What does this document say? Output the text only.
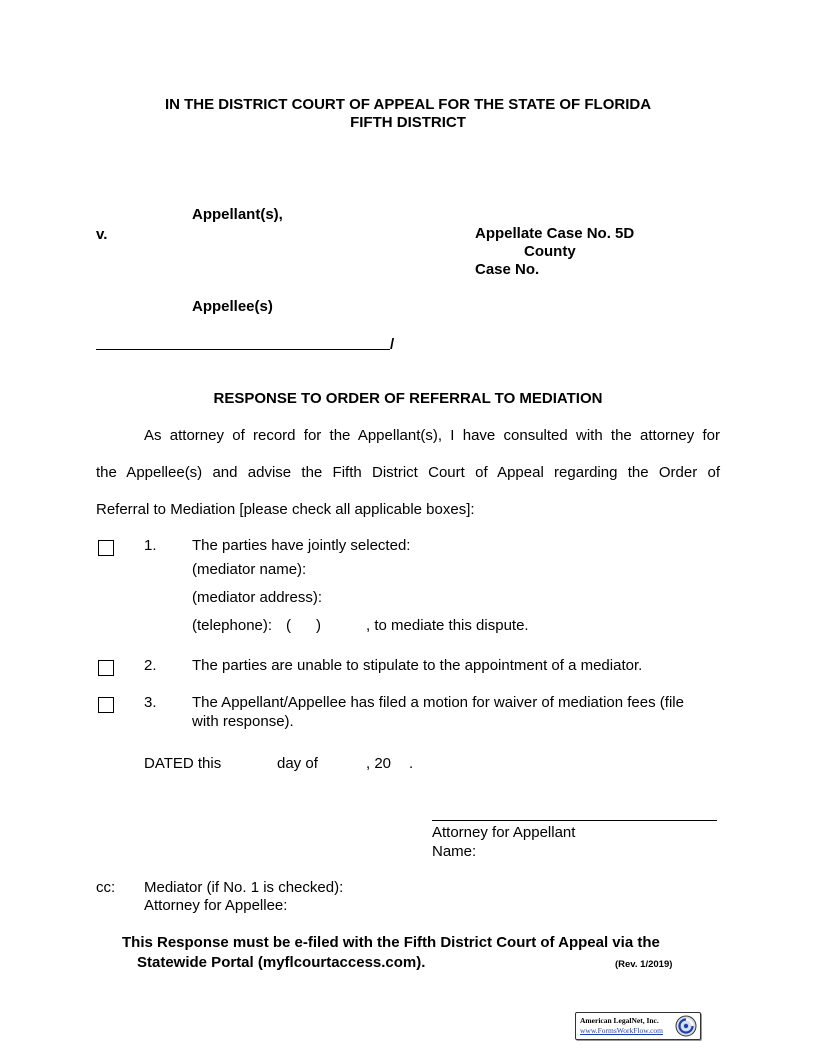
IN THE DISTRICT COURT OF APPEAL FOR THE STATE OF FLORIDA
FIFTH DISTRICT
Appellant(s),
v.	Appellate Case No. 5D
County
Case No.
Appellee(s)
/
RESPONSE TO ORDER OF REFERRAL TO MEDIATION
As attorney of record for the Appellant(s), I have consulted with the attorney for
the Appellee(s) and advise the Fifth District Court of Appeal regarding the Order of
Referral to Mediation [please check all applicable boxes]:
1. The parties have jointly selected:
(mediator name):
(mediator address):
(telephone): ( )	, to mediate this dispute.
2. The parties are unable to stipulate to the appointment of a mediator.
3. The Appellant/Appellee has filed a motion for waiver of mediation fees (file
with response).
DATED this	day of	, 20 .
Attorney for Appellant
Name:
cc: Mediator (if No. 1 is checked):
Attorney for Appellee:
This Response must be e-filed with the Fifth District Court of Appeal via the
Statewide Portal (myflcourtaccess.com).	(Rev. 1/2019)
American LegalNet, Inc.
www.FormsWorkFlow.com
